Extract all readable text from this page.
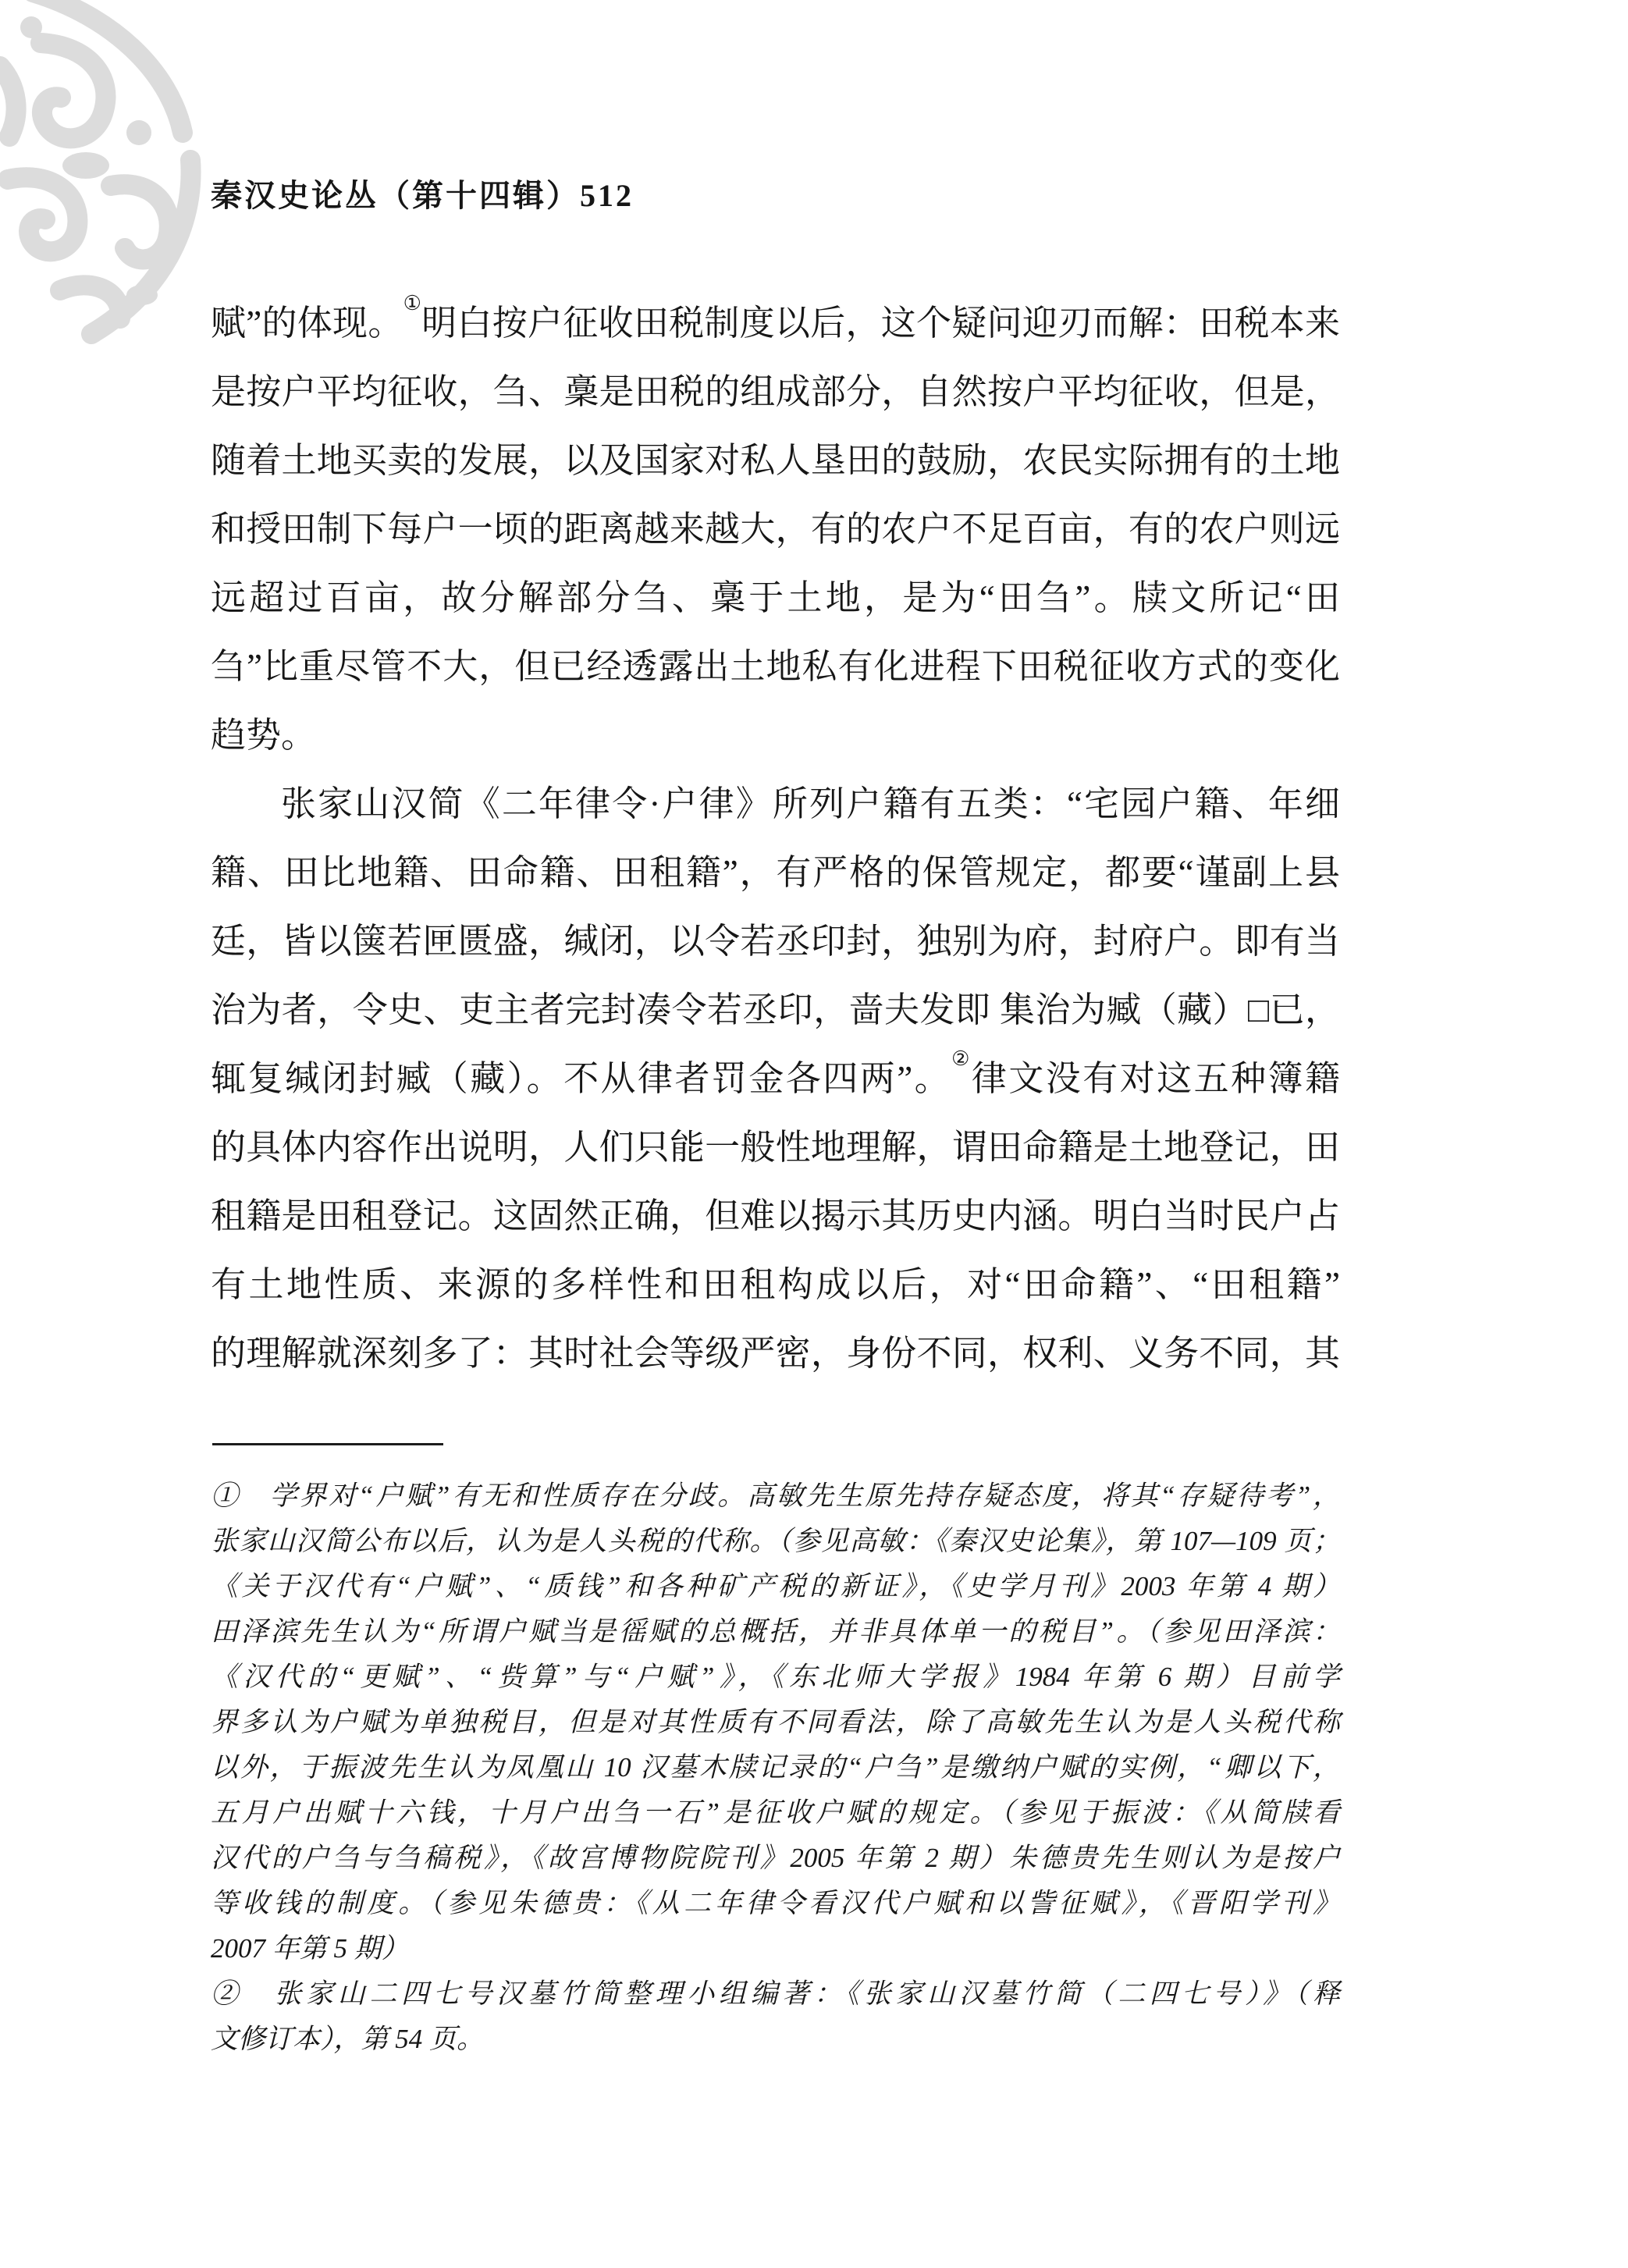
秦汉史论丛（第十四辑）512
赋”的体现。①明白按户征收田税制度以后，这个疑问迎刃而解：田税本来
是按户平均征收，刍、稾是田税的组成部分，自然按户平均征收，但是，
随着土地买卖的发展，以及国家对私人垦田的鼓励，农民实际拥有的土地
和授田制下每户一顷的距离越来越大，有的农户不足百亩，有的农户则远
远超过百亩，故分解部分刍、稾于土地，是为“田刍”。牍文所记“田
刍”比重尽管不大，但已经透露出土地私有化进程下田税征收方式的变化
趋势。
张家山汉简《二年律令·户律》所列户籍有五类：“宅园户籍、年细
籍、田比地籍、田命籍、田租籍”，有严格的保管规定，都要“谨副上县
廷，皆以箧若匣匮盛，缄闭，以令若丞印封，独别为府，封府户。即有当
治为者，令史、吏主者完封凑令若丞印，啬夫发即 集治为臧（藏）□已，
辄复缄闭封臧（藏）。不从律者罚金各四两”。②律文没有对这五种簿籍
的具体内容作出说明，人们只能一般性地理解，谓田命籍是土地登记，田
租籍是田租登记。这固然正确，但难以揭示其历史内涵。明白当时民户占
有土地性质、来源的多样性和田租构成以后，对“田命籍”、“田租籍”
的理解就深刻多了：其时社会等级严密，身份不同，权利、义务不同，其
①　学界对“户赋”有无和性质存在分歧。高敏先生原先持存疑态度，将其“存疑待考”，
张家山汉简公布以后，认为是人头税的代称。（参见高敏：《秦汉史论集》，第 107—109 页；
《关于汉代有“户赋”、“质钱”和各种矿产税的新证》，《史学月刊》2003 年第 4 期）
田泽滨先生认为“所谓户赋当是徭赋的总概括，并非具体单一的税目”。（参见田泽滨：
《汉代的“更赋”、“赀算”与“户赋”》，《东北师大学报》1984 年第 6 期）目前学
界多认为户赋为单独税目，但是对其性质有不同看法，除了高敏先生认为是人头税代称
以外，于振波先生认为凤凰山 10 汉墓木牍记录的“户刍”是缴纳户赋的实例，“卿以下，
五月户出赋十六钱，十月户出刍一石”是征收户赋的规定。（参见于振波：《从简牍看
汉代的户刍与刍稿税》，《故宫博物院院刊》2005 年第 2 期）朱德贵先生则认为是按户
等收钱的制度。（参见朱德贵：《从二年律令看汉代户赋和以訾征赋》，《晋阳学刊》
2007 年第 5 期）
②　张家山二四七号汉墓竹简整理小组编著：《张家山汉墓竹简（二四七号）》（释
文修订本），第 54 页。
